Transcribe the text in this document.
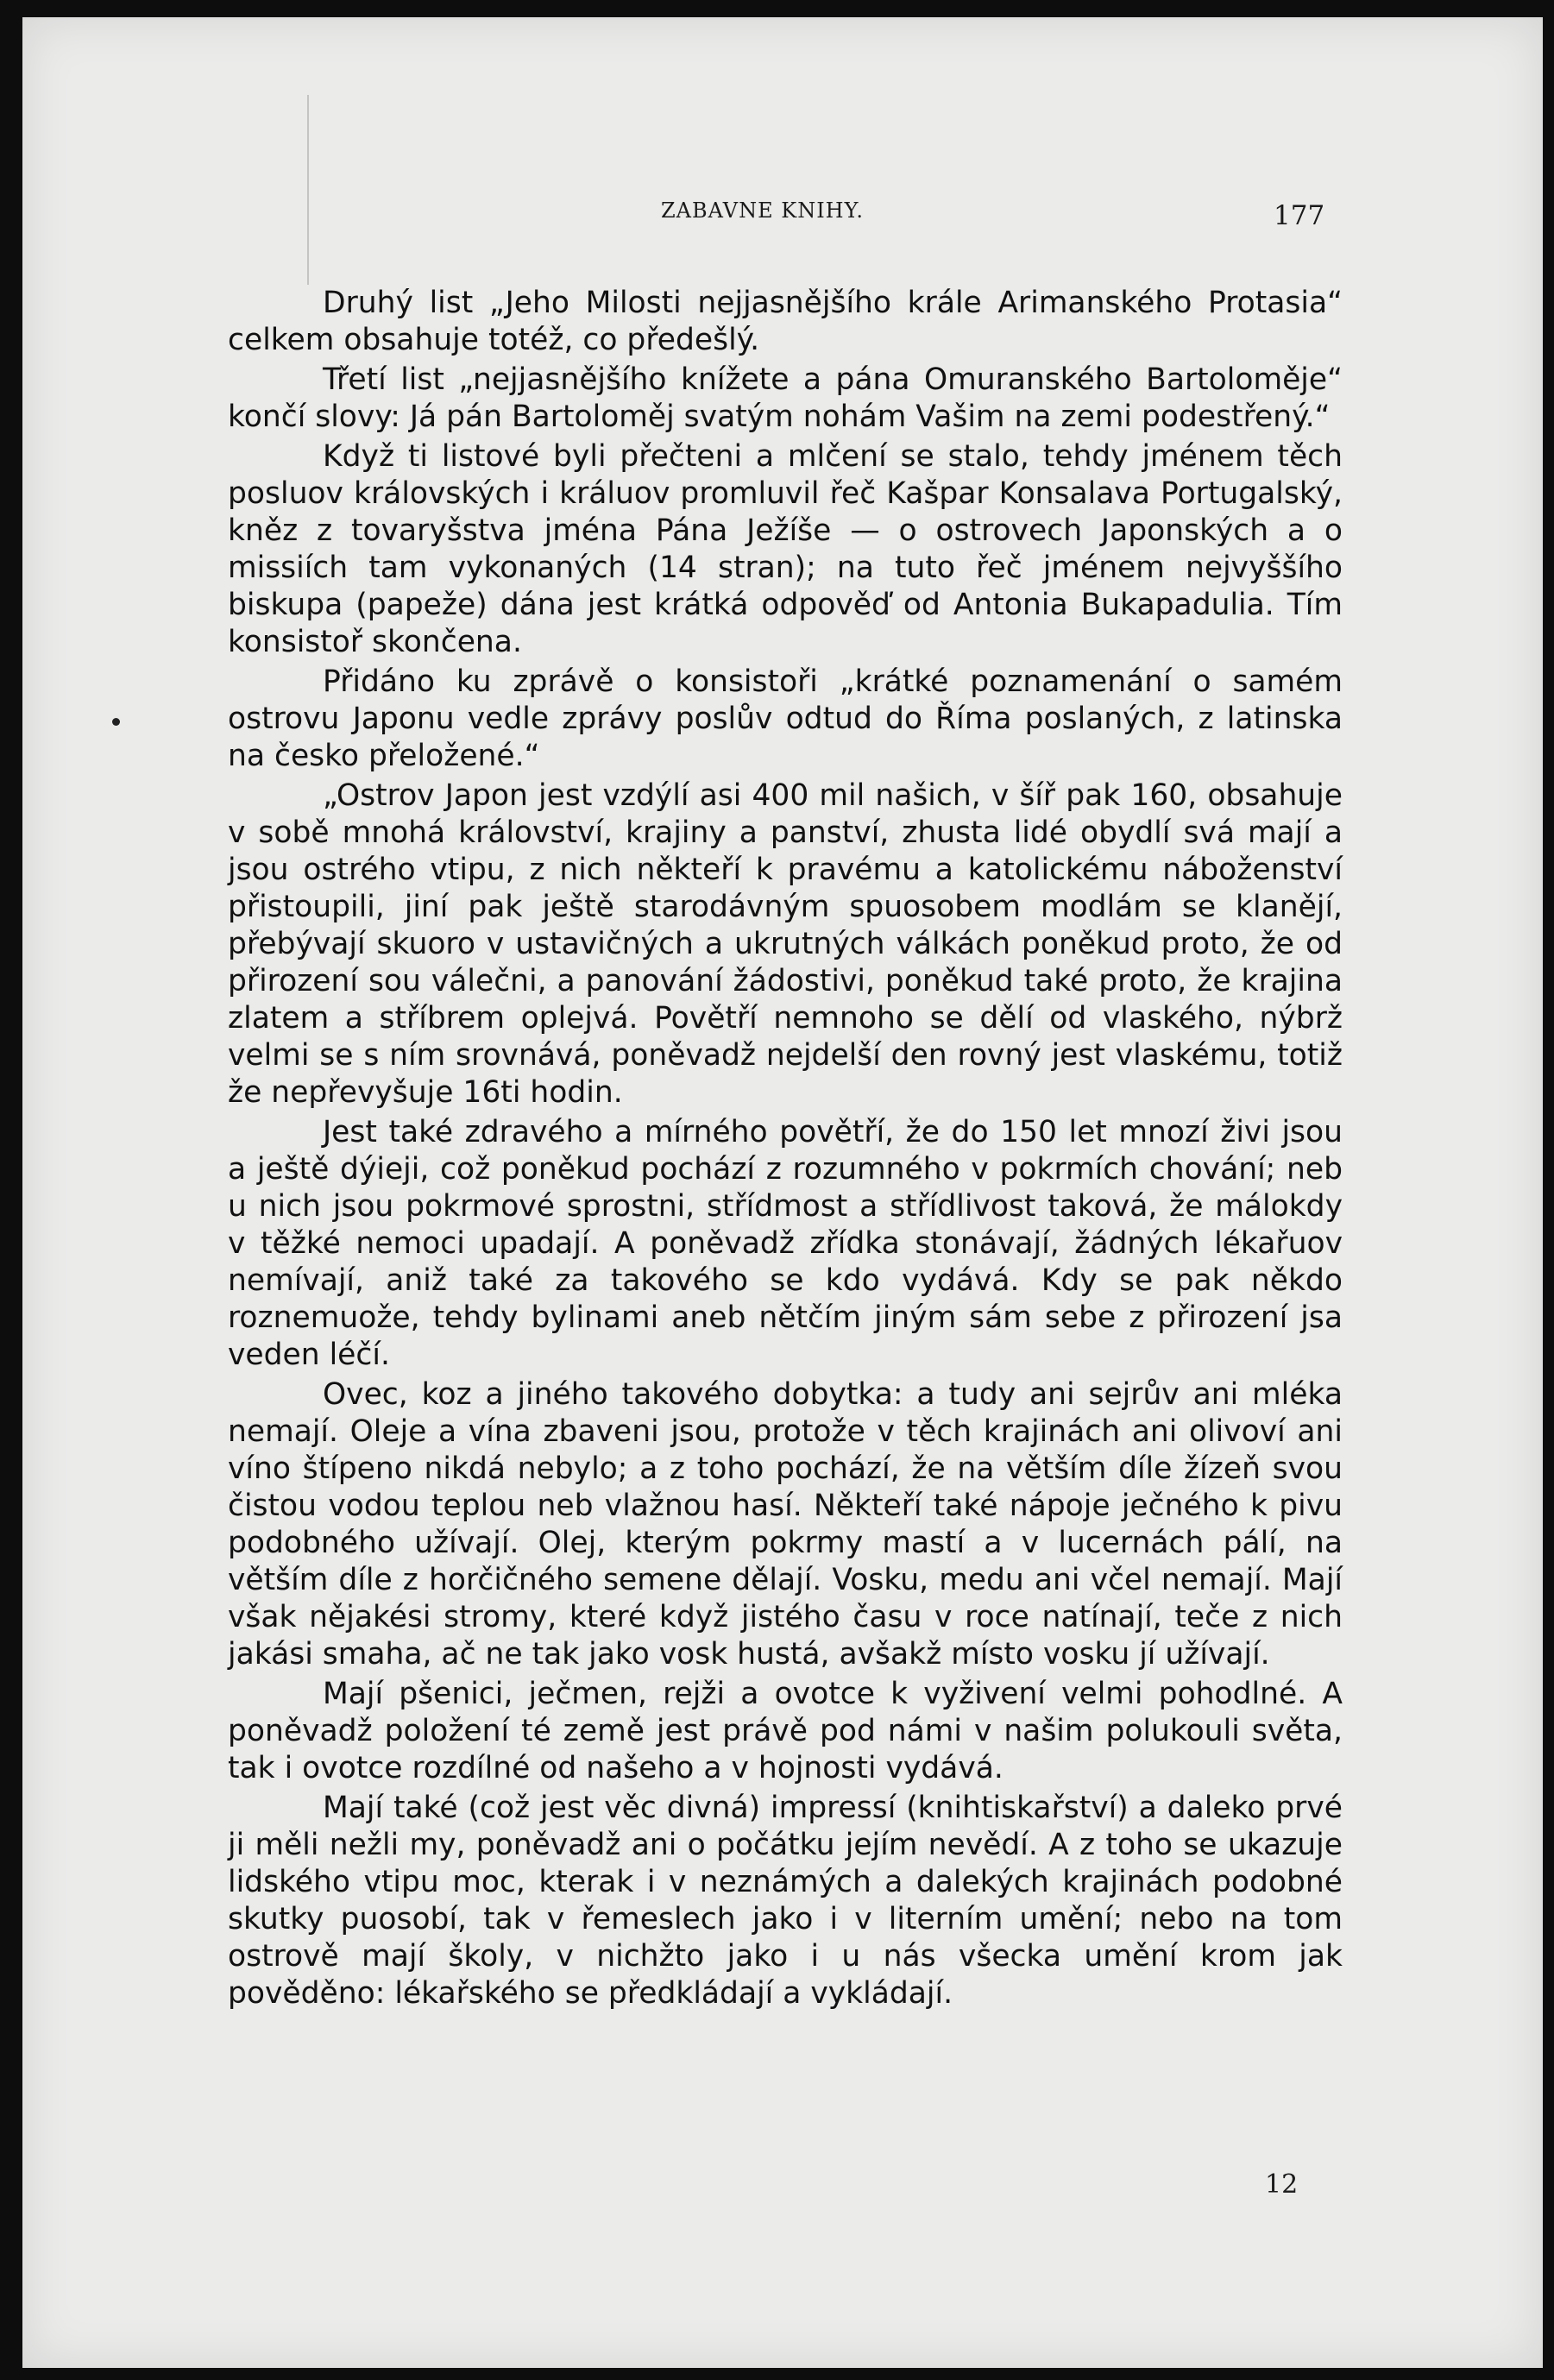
ZABAVNE KNIHY.	177

Druhý list „Jeho Milosti nejjasnějšího krále Arimanského Protasia“ celkem obsahuje totéž, co předešlý.

Třetí list „nejjasnějšího knížete a pána Omuranského Bartoloměje“ končí slovy: Já pán Bartoloměj svatým nohám Vašim na zemi podestřený.“

Když ti listové byli přečteni a mlčení se stalo, tehdy jménem těch posluov královských i králuov promluvil řeč Kašpar Konsalava Portugalský, kněz z tovaryšstva jména Pána Ježíše — o ostrovech Japonských a o missiích tam vykonaných (14 stran); na tuto řeč jménem nejvyššího biskupa (papeže) dána jest krátká odpověď od Antonia Bukapadulia. Tím konsistoř skončena.

Přidáno ku zprávě o konsistoři „krátké poznamenání o samém ostrovu Japonu vedle zprávy poslův odtud do Říma poslaných, z latinska na česko přeložené.“

„Ostrov Japon jest vzdýlí asi 400 mil našich, v šíř pak 160, obsahuje v sobě mnohá království, krajiny a panství, zhusta lidé obydlí svá mají a jsou ostrého vtipu, z nich někteří k pravému a katolickému náboženství přistoupili, jiní pak ještě starodávným spuosobem modlám se klanějí, přebývají skuoro v ustavičných a ukrutných válkách poněkud proto, že od přirození sou válečni, a panování žádostivi, poněkud také proto, že krajina zlatem a stříbrem oplejvá. Povětří nemnoho se dělí od vlaského, nýbrž velmi se s ním srovnává, poněvadž nejdelší den rovný jest vlaskému, totiž že nepřevyšuje 16ti hodin.

Jest také zdravého a mírného povětří, že do 150 let mnozí živi jsou a ještě dýieji, což poněkud pochází z rozumného v pokrmích chování; neb u nich jsou pokrmové sprostni, střídmost a střídlivost taková, že málokdy v těžké nemoci upadají. A poněvadž zřídka stonávají, žádných lékařuov nemívají, aniž také za takového se kdo vydává. Kdy se pak někdo roznemuože, tehdy bylinami aneb nětčím jiným sám sebe z přirození jsa veden léčí.

Ovec, koz a jiného takového dobytka: a tudy ani sejrův ani mléka nemají. Oleje a vína zbaveni jsou, protože v těch krajinách ani olivoví ani víno štípeno nikdá nebylo; a z toho pochází, že na větším díle žízeň svou čistou vodou teplou neb vlažnou hasí. Někteří také nápoje ječného k pivu podobného užívají. Olej, kterým pokrmy mastí a v lucernách pálí, na větším díle z horčičného semene dělají. Vosku, medu ani včel nemají. Mají však nějakési stromy, které když jistého času v roce natínají, teče z nich jakási smaha, ač ne tak jako vosk hustá, avšakž místo vosku jí užívají.

Mají pšenici, ječmen, rejži a ovotce k vyživení velmi pohodlné. A poněvadž položení té země jest právě pod námi v našim polukouli světa, tak i ovotce rozdílné od našeho a v hojnosti vydává.

Mají také (což jest věc divná) impressí (knihtiskařství) a daleko prvé ji měli nežli my, poněvadž ani o počátku jejím nevědí. A z toho se ukazuje lidského vtipu moc, kterak i v neznámých a dalekých krajinách podobné skutky puosobí, tak v řemeslech jako i v literním umění; nebo na tom ostrově mají školy, v nichžto jako i u nás všecka umění krom jak pověděno: lékařského se předkládají a vykládají.

12
